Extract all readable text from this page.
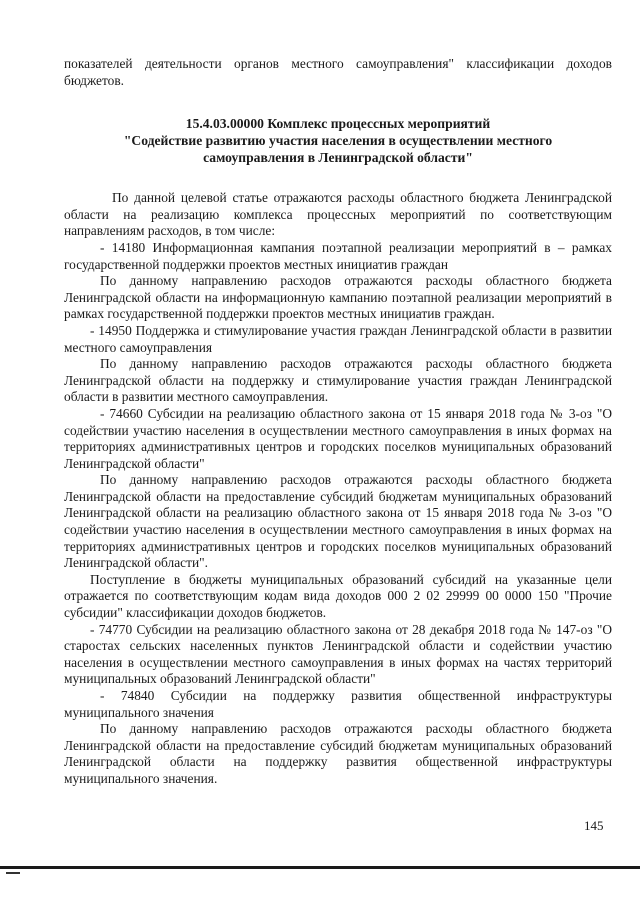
показателей деятельности органов местного самоуправления" классификации доходов бюджетов.

15.4.03.00000 Комплекс процессных мероприятий
"Содействие развитию участия населения в осуществлении местного
самоуправления в Ленинградской области"

По данной целевой статье отражаются расходы областного бюджета Ленинградской области на реализацию комплекса процессных мероприятий по соответствующим направлениям расходов, в том числе:

- 14180 Информационная кампания поэтапной реализации мероприятий в – рамках государственной поддержки проектов местных инициатив граждан

По данному направлению расходов отражаются расходы областного бюджета Ленинградской области на информационную кампанию поэтапной реализации мероприятий в рамках государственной поддержки проектов местных инициатив граждан.

- 14950 Поддержка и стимулирование участия граждан Ленинградской области в развитии местного самоуправления

По данному направлению расходов отражаются расходы областного бюджета Ленинградской области на поддержку и стимулирование участия граждан Ленинградской области в развитии местного самоуправления.

- 74660 Субсидии на реализацию областного закона от 15 января 2018 года № 3-оз "О содействии участию населения в осуществлении местного самоуправления в иных формах на территориях административных центров и городских поселков муниципальных образований Ленинградской области"

По данному направлению расходов отражаются расходы областного бюджета Ленинградской области на предоставление субсидий бюджетам муниципальных образований Ленинградской области на реализацию областного закона от 15 января 2018 года № 3-оз "О содействии участию населения в осуществлении местного самоуправления в иных формах на территориях административных центров и городских поселков муниципальных образований Ленинградской области".

Поступление в бюджеты муниципальных образований субсидий на указанные цели отражается по соответствующим кодам вида доходов 000 2 02 29999 00 0000 150 "Прочие субсидии" классификации доходов бюджетов.

- 74770 Субсидии на реализацию областного закона от 28 декабря 2018 года № 147-оз "О старостах сельских населенных пунктов Ленинградской области и содействии участию населения в осуществлении местного самоуправления в иных формах на частях территорий муниципальных образований Ленинградской области"

- 74840 Субсидии на поддержку развития общественной инфраструктуры муниципального значения

По данному направлению расходов отражаются расходы областного бюджета Ленинградской области на предоставление субсидий бюджетам муниципальных образований Ленинградской области на поддержку развития общественной инфраструктуры муниципального значения.

145
